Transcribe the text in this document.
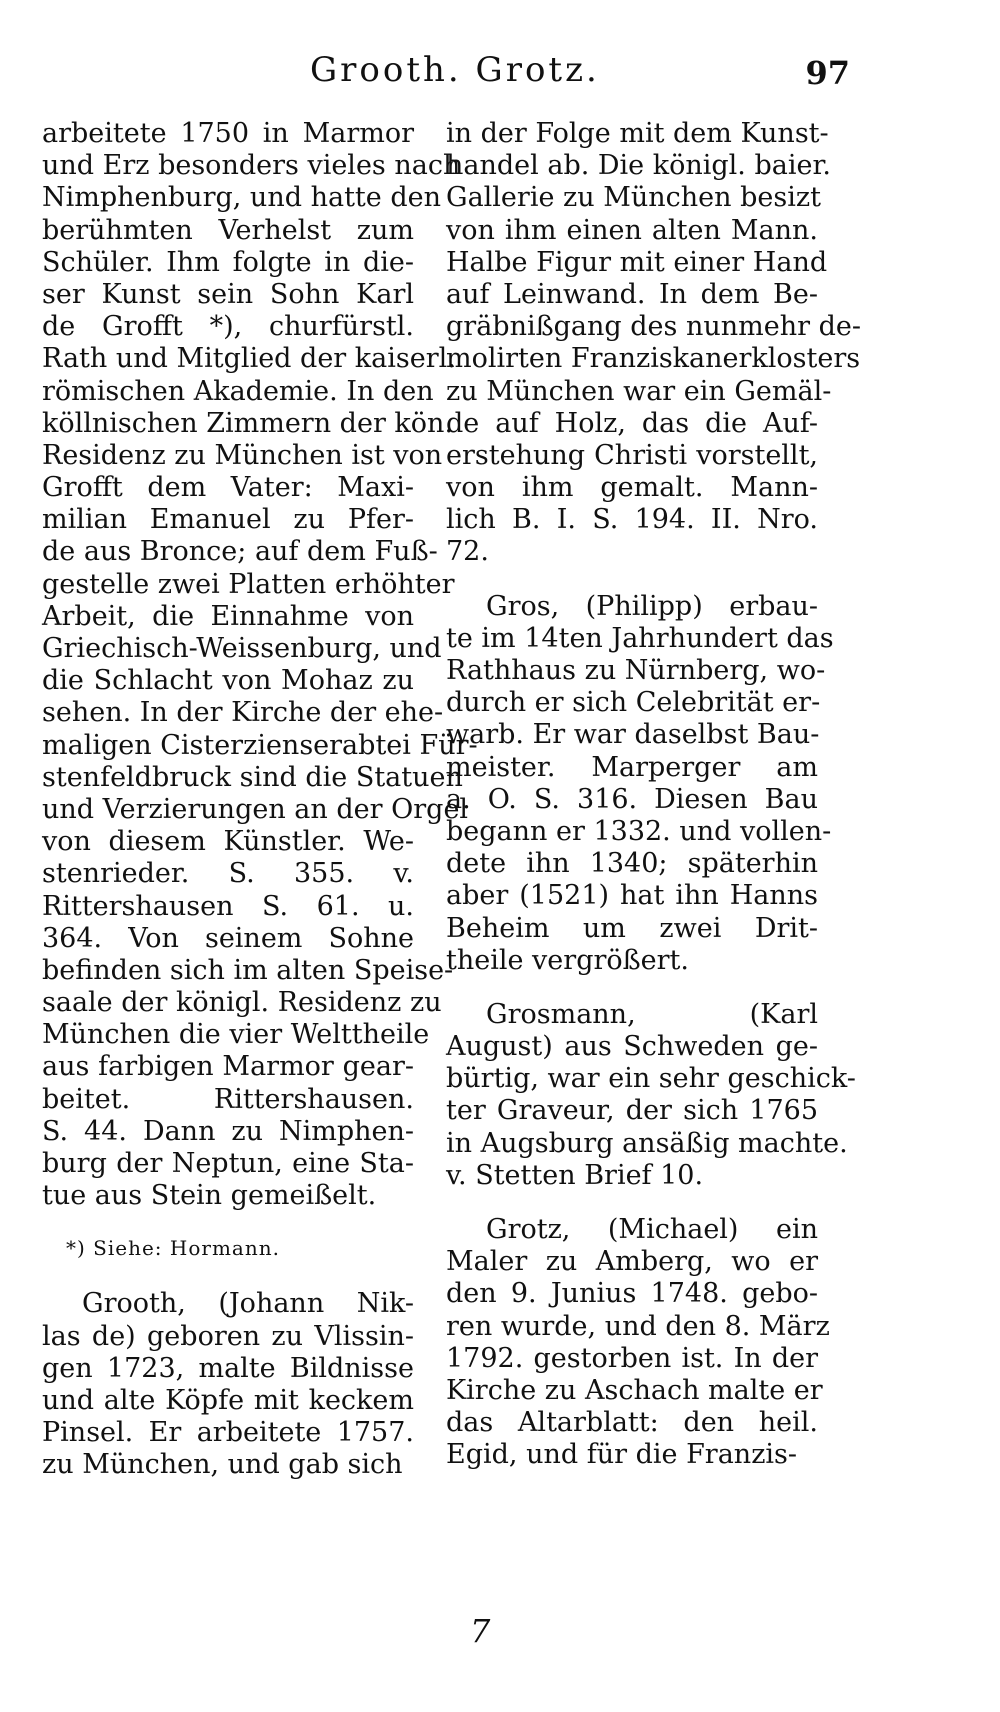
Grooth. Grotz.	97
arbeitete 1750 in Marmor
und Erz besonders vieles nach
Nimphenburg, und hatte den
berühmten Verhelst zum
Schüler. Ihm folgte in die-
ser Kunst sein Sohn Karl
de Grofft *), churfürstl.
Rath und Mitglied der kaiserl.
römischen Akademie. In den
köllnischen Zimmern der kön.
Residenz zu München ist von
Grofft dem Vater: Maxi-
milian Emanuel zu Pfer-
de aus Bronce; auf dem Fuß-
gestelle zwei Platten erhöhter
Arbeit, die Einnahme von
Griechisch-Weissenburg, und
die Schlacht von Mohaz zu
sehen. In der Kirche der ehe-
maligen Cisterzienserabtei Für-
stenfeldbruck sind die Statuen
und Verzierungen an der Orgel
von diesem Künstler. We-
stenrieder. S. 355. v.
Rittershausen S. 61. u.
364. Von seinem Sohne
befinden sich im alten Speise-
saale der königl. Residenz zu
München die vier Welttheile
aus farbigen Marmor gear-
beitet. Rittershausen.
S. 44. Dann zu Nimphen-
burg der Neptun, eine Sta-
tue aus Stein gemeißelt.
*) Siehe: Hormann.
Grooth, (Johann Nik-
las de) geboren zu Vlissin-
gen 1723, malte Bildnisse
und alte Köpfe mit keckem
Pinsel. Er arbeitete 1757.
zu München, und gab sich
in der Folge mit dem Kunst-
handel ab. Die königl. baier.
Gallerie zu München besizt
von ihm einen alten Mann.
Halbe Figur mit einer Hand
auf Leinwand. In dem Be-
gräbnißgang des nunmehr de-
molirten Franziskanerklosters
zu München war ein Gemäl-
de auf Holz, das die Auf-
erstehung Christi vorstellt,
von ihm gemalt. Mann-
lich B. I. S. 194. II. Nro.
72.
Gros, (Philipp) erbau-
te im 14ten Jahrhundert das
Rathhaus zu Nürnberg, wo-
durch er sich Celebrität er-
warb. Er war daselbst Bau-
meister. Marperger am
a. O. S. 316. Diesen Bau
begann er 1332. und vollen-
dete ihn 1340; späterhin
aber (1521) hat ihn Hanns
Beheim um zwei Drit-
theile vergrößert.
Grosmann, (Karl
August) aus Schweden ge-
bürtig, war ein sehr geschick-
ter Graveur, der sich 1765
in Augsburg ansäßig machte.
v. Stetten Brief 10.
Grotz, (Michael) ein
Maler zu Amberg, wo er
den 9. Junius 1748. gebo-
ren wurde, und den 8. März
1792. gestorben ist. In der
Kirche zu Aschach malte er
das Altarblatt: den heil.
Egid, und für die Franzis-
7
